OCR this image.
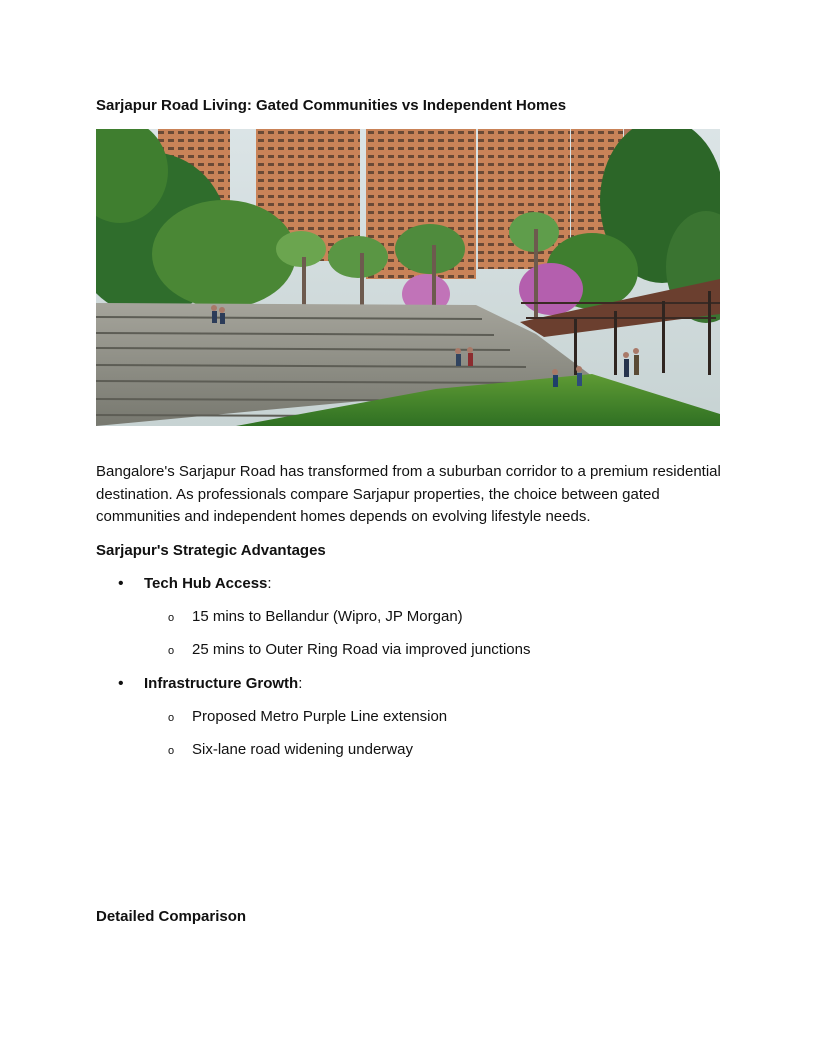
Sarjapur Road Living: Gated Communities vs Independent Homes

Bangalore's Sarjapur Road has transformed from a suburban corridor to a premium residential destination. As professionals compare Sarjapur properties, the choice between gated communities and independent homes depends on evolving lifestyle needs.

Sarjapur's Strategic Advantages
• Tech Hub Access:
o 15 mins to Bellandur (Wipro, JP Morgan)
o 25 mins to Outer Ring Road via improved junctions
• Infrastructure Growth:
o Proposed Metro Purple Line extension
o Six-lane road widening underway
Detailed Comparison
